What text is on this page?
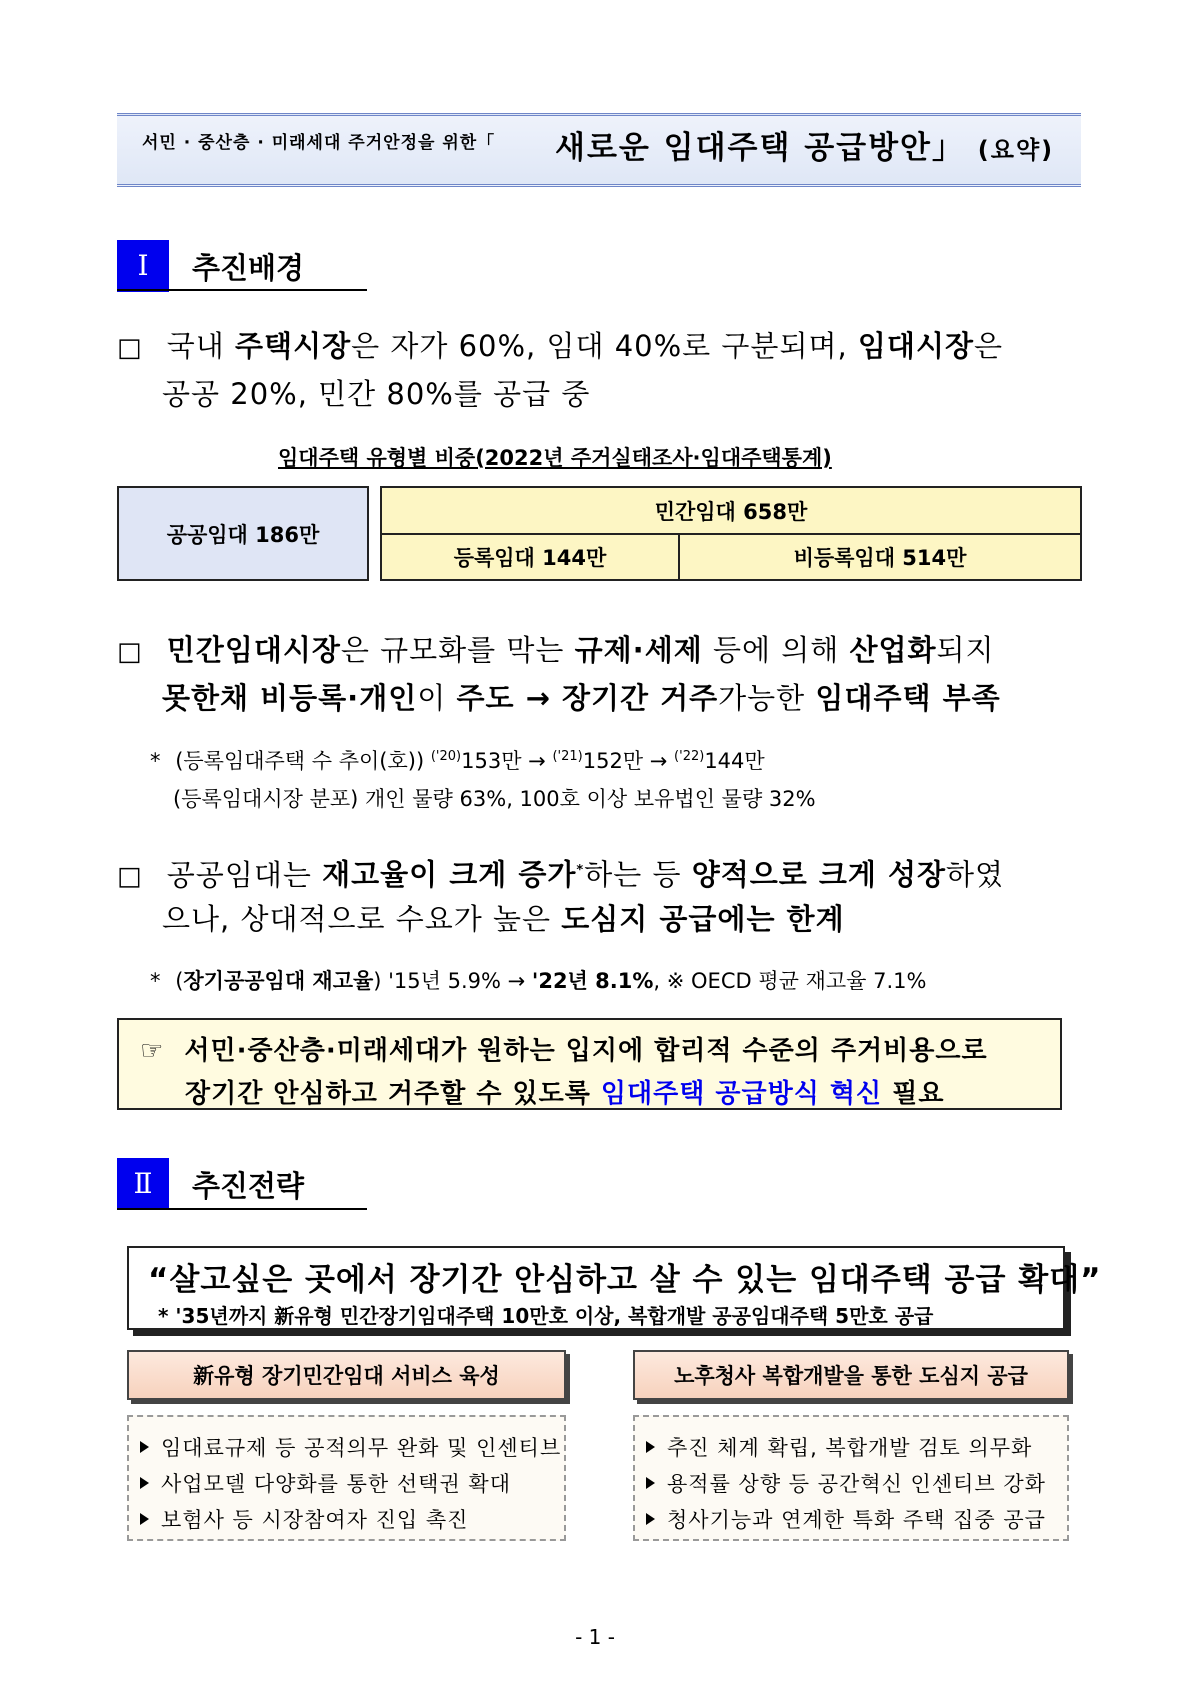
서민 · 중산층 · 미래세대 주거안정을 위한「 새로운 임대주택 공급방안」 (요약)
Ⅰ	추진배경
□ 국내 주택시장은 자가 60%, 임대 40%로 구분되며, 임대시장은
공공 20%, 민간 80%를 공급 중
임대주택 유형별 비중(2022년 주거실태조사·임대주택통계)
공공임대 186만
민간임대 658만
등록임대 144만	비등록임대 514만
□ 민간임대시장은 규모화를 막는 규제·세제 등에 의해 산업화되지
못한채 비등록·개인이 주도 → 장기간 거주가능한 임대주택 부족
* (등록임대주택 수 추이(호)) $^{('20)}$153만 → $^{('21)}$152만 → $^{('22)}$144만
(등록임대시장 분포) 개인 물량 63%, 100호 이상 보유법인 물량 32%
□ 공공임대는 재고율이 크게 증가*하는 등 양적으로 크게 성장하였
으나, 상대적으로 수요가 높은 도심지 공급에는 한계
* (장기공공임대 재고율) '15년 5.9% → '22년 8.1%, ※ OECD 평균 재고율 7.1%
☞ 서민·중산층·미래세대가 원하는 입지에 합리적 수준의 주거비용으로
장기간 안심하고 거주할 수 있도록 임대주택 공급방식 혁신 필요
Ⅱ	추진전략
“살고싶은 곳에서 장기간 안심하고 살 수 있는 임대주택 공급 확대”
* '35년까지 新유형 민간장기임대주택 10만호 이상, 복합개발 공공임대주택 5만호 공급
新유형 장기민간임대 서비스 육성
임대료규제 등 공적의무 완화 및 인센티브
사업모델 다양화를 통한 선택권 확대
보험사 등 시장참여자 진입 촉진
노후청사 복합개발을 통한 도심지 공급
추진 체계 확립, 복합개발 검토 의무화
용적률 상향 등 공간혁신 인센티브 강화
청사기능과 연계한 특화 주택 집중 공급
- 1 -
